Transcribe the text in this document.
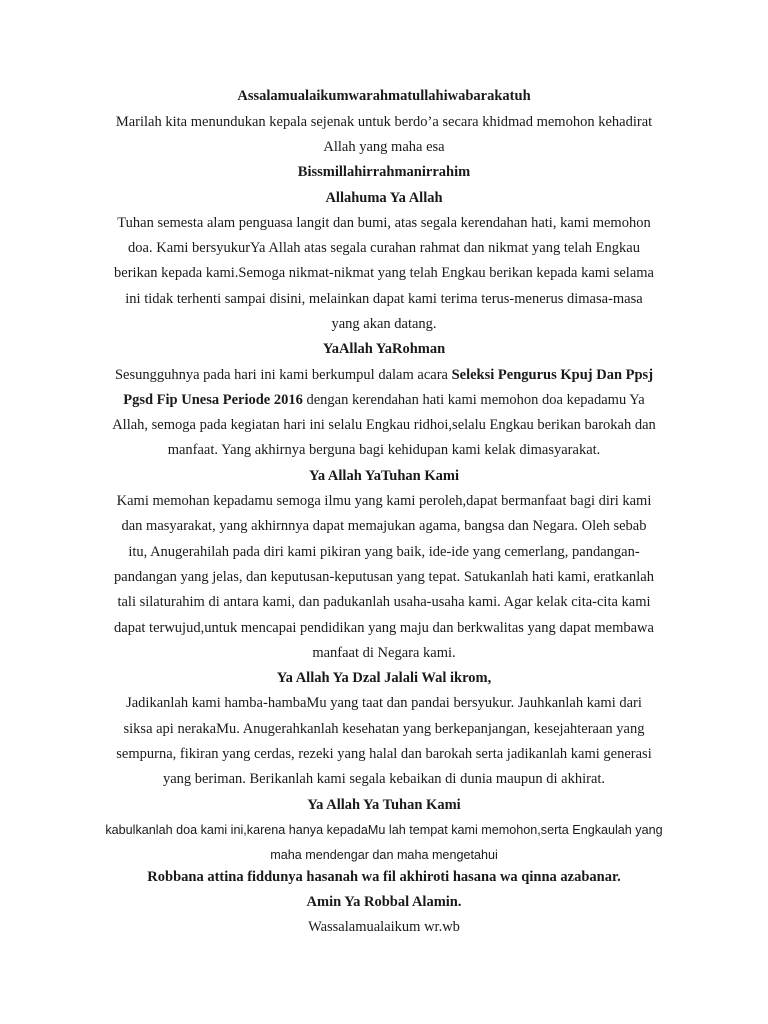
Assalamualaikumwarahmatullahiwabarakatuh
Marilah kita menundukan kepala sejenak untuk berdo’a secara khidmad memohon kehadirat
Allah yang maha esa
Bissmillahirrahmanirrahim
Allahuma Ya Allah
Tuhan semesta alam penguasa langit dan bumi, atas segala kerendahan hati, kami memohon
doa. Kami bersyukurYa Allah atas segala curahan rahmat dan nikmat yang telah Engkau
berikan kepada kami.Semoga nikmat-nikmat yang telah Engkau berikan kepada kami selama
ini tidak terhenti sampai disini, melainkan dapat kami terima terus-menerus dimasa-masa
yang akan datang.
YaAllah YaRohman
Sesungguhnya pada hari ini kami berkumpul dalam acara Seleksi Pengurus Kpuj Dan Ppsj
Pgsd Fip Unesa Periode 2016 dengan kerendahan hati kami memohon doa kepadamu Ya
Allah, semoga pada kegiatan hari ini selalu Engkau ridhoi,selalu Engkau berikan barokah dan
manfaat. Yang akhirnya berguna bagi kehidupan kami kelak dimasyarakat.
Ya Allah YaTuhan Kami
Kami memohan kepadamu semoga ilmu yang kami peroleh,dapat bermanfaat bagi diri kami
dan masyarakat, yang akhirnnya dapat memajukan agama, bangsa dan Negara. Oleh sebab
itu, Anugerahilah pada diri kami pikiran yang baik, ide-ide yang cemerlang, pandangan-
pandangan yang jelas, dan keputusan-keputusan yang tepat. Satukanlah hati kami, eratkanlah
tali silaturahim di antara kami, dan padukanlah usaha-usaha kami. Agar kelak cita-cita kami
dapat terwujud,untuk mencapai pendidikan yang maju dan berkwalitas yang dapat membawa
manfaat di Negara kami.
Ya Allah Ya Dzal Jalali Wal ikrom,
Jadikanlah kami hamba-hambaMu yang taat dan pandai bersyukur. Jauhkanlah kami dari
siksa api nerakaMu. Anugerahkanlah kesehatan yang berkepanjangan, kesejahteraan yang
sempurna, fikiran yang cerdas, rezeki yang halal dan barokah serta jadikanlah kami generasi
yang beriman. Berikanlah kami segala kebaikan di dunia maupun di akhirat.
Ya Allah Ya Tuhan Kami
kabulkanlah doa kami ini,karena hanya kepadaMu lah tempat kami memohon,serta Engkaulah yang
maha mendengar dan maha mengetahui
Robbana attina fiddunya hasanah wa fil akhiroti hasana wa qinna azabanar.
Amin Ya Robbal Alamin.
Wassalamualaikum wr.wb
